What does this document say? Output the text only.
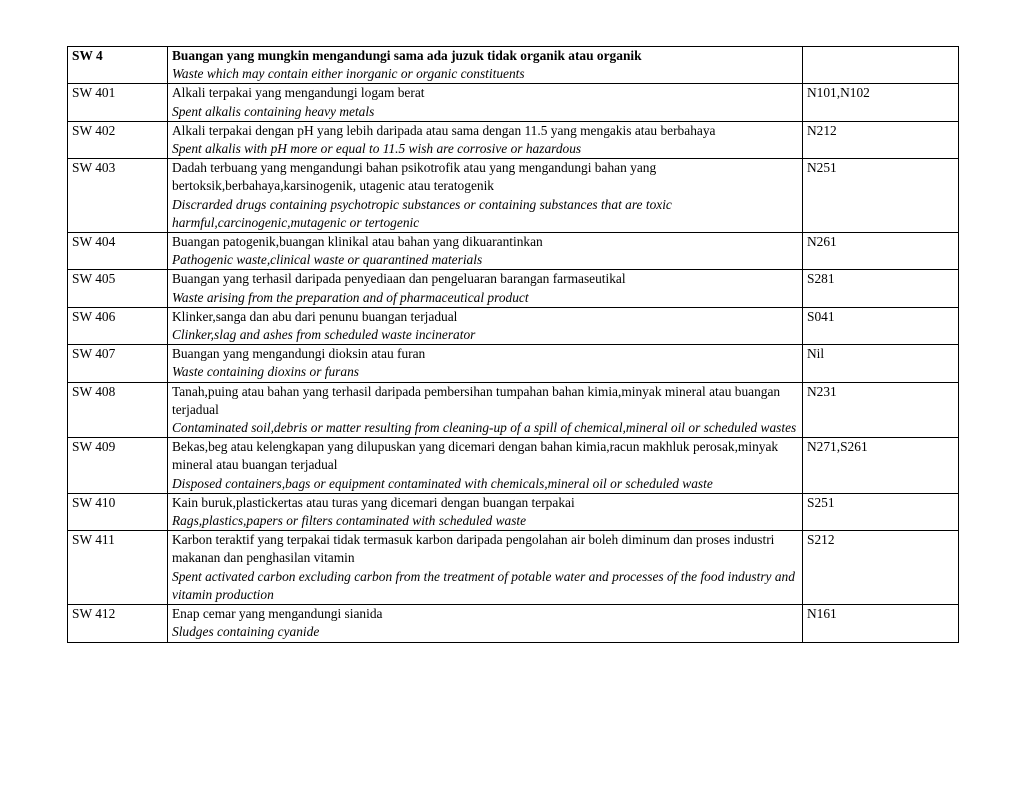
SW 4	Buangan yang mungkin mengandungi sama ada juzuk tidak organik atau organik
Waste which may contain either inorganic or organic constituents	

SW 401	Alkali terpakai yang mengandungi logam berat
Spent alkalis containing heavy metals	N101,N102
SW 402	Alkali terpakai dengan pH yang lebih daripada atau sama dengan 11.5 yang mengakis atau berbahaya
Spent alkalis with pH more or equal to 11.5 wish are corrosive or hazardous	N212
SW 403	Dadah terbuang yang mengandungi bahan psikotrofik atau yang mengandungi bahan yang bertoksik,berbahaya,karsinogenik, utagenic atau teratogenik
Discrarded drugs containing psychotropic substances or containing substances that are toxic harmful,carcinogenic,mutagenic or tertogenic	N251
SW 404	Buangan patogenik,buangan klinikal atau bahan yang dikuarantinkan
Pathogenic waste,clinical waste or quarantined materials	N261
SW 405	Buangan yang terhasil daripada penyediaan dan pengeluaran barangan farmaseutikal
Waste arising from the preparation and of pharmaceutical product	S281
SW 406	Klinker,sanga dan abu dari penunu buangan terjadual
Clinker,slag and ashes from scheduled waste incinerator	S041
SW 407	Buangan yang mengandungi dioksin atau furan
Waste containing dioxins or furans	Nil
SW 408	Tanah,puing atau bahan yang terhasil daripada pembersihan tumpahan bahan kimia,minyak mineral atau buangan terjadual
Contaminated soil,debris or matter resulting from cleaning-up of a spill of chemical,mineral oil or scheduled wastes	N231
SW 409	Bekas,beg atau kelengkapan yang dilupuskan yang dicemari dengan bahan kimia,racun makhluk perosak,minyak mineral atau buangan terjadual
Disposed containers,bags or equipment contaminated with chemicals,mineral oil or scheduled waste	N271,S261
SW 410	Kain buruk,plastickertas atau turas yang dicemari dengan buangan terpakai
Rags,plastics,papers or filters contaminated with scheduled waste	S251
SW 411	Karbon teraktif yang terpakai tidak termasuk karbon daripada pengolahan air boleh diminum dan proses industri makanan dan penghasilan vitamin
Spent activated carbon excluding carbon from the treatment of potable water and processes of the food industry and vitamin production	S212
SW 412	Enap cemar yang mengandungi sianida
Sludges containing cyanide	N161
